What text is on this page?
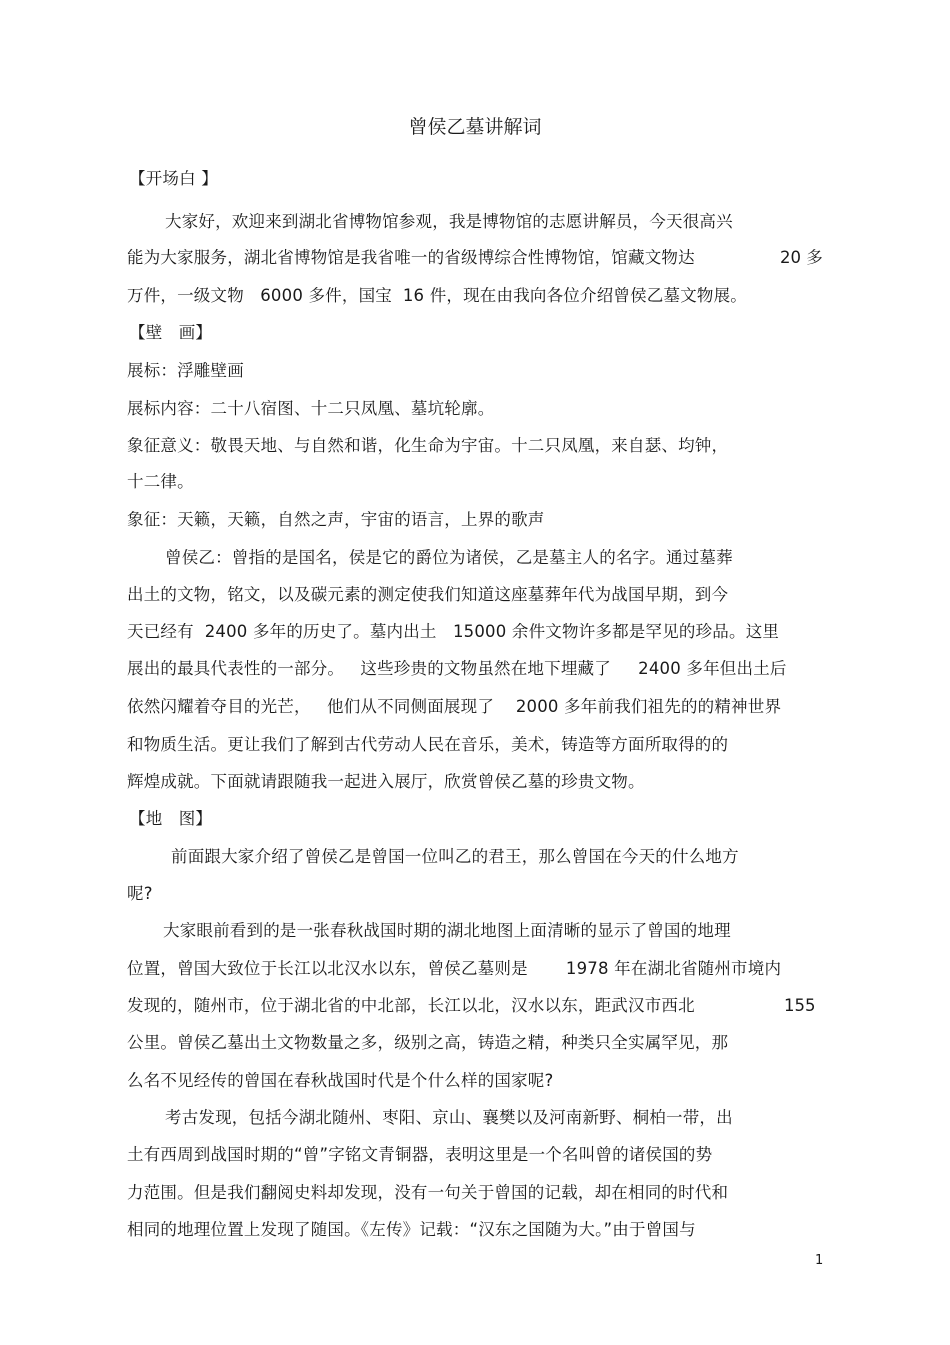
曾侯乙墓讲解词
【开场白 】
大家好，欢迎来到湖北省博物馆参观，我是博物馆的志愿讲解员，今天很高兴
能为大家服务，湖北省博物馆是我省唯一的省级博综合性博物馆，馆藏文物达	20 多
万件，一级文物   6000 多件，国宝  16 件，现在由我向各位介绍曾侯乙墓文物展。
【壁   画】
展标：浮雕壁画
展标内容：二十八宿图、十二只凤凰、墓坑轮廓。
象征意义：敬畏天地、与自然和谐，化生命为宇宙。十二只凤凰，来自瑟、均钟，
十二律。
象征：天籁，天籁，自然之声，宇宙的语言，上界的歌声
曾侯乙：曾指的是国名，侯是它的爵位为诸侯，乙是墓主人的名字。通过墓葬
出土的文物，铭文，以及碳元素的测定使我们知道这座墓葬年代为战国早期，到今
天已经有  2400 多年的历史了。墓内出土   15000 余件文物许多都是罕见的珍品。这里
展出的最具代表性的一部分。   这些珍贵的文物虽然在地下埋藏了     2400 多年但出土后
依然闪耀着夺目的光芒，   他们从不同侧面展现了    2000 多年前我们祖先的的精神世界
和物质生活。更让我们了解到古代劳动人民在音乐，美术，铸造等方面所取得的的
辉煌成就。下面就请跟随我一起进入展厅，欣赏曾侯乙墓的珍贵文物。
【地   图】
前面跟大家介绍了曾侯乙是曾国一位叫乙的君王，那么曾国在今天的什么地方
呢?
大家眼前看到的是一张春秋战国时期的湖北地图上面清晰的显示了曾国的地理
位置，曾国大致位于长江以北汉水以东，曾侯乙墓则是       1978 年在湖北省随州市境内
发现的，随州市，位于湖北省的中北部，长江以北，汉水以东，距武汉市西北	155
公里。曾侯乙墓出土文物数量之多，级别之高，铸造之精，种类只全实属罕见，那
么名不见经传的曾国在春秋战国时代是个什么样的国家呢?
考古发现，包括今湖北随州、枣阳、京山、襄樊以及河南新野、桐柏一带，出
土有西周到战国时期的“曾”字铭文青铜器，表明这里是一个名叫曾的诸侯国的势
力范围。但是我们翻阅史料却发现，没有一句关于曾国的记载，却在相同的时代和
相同的地理位置上发现了随国。《左传》记载：“汉东之国随为大。”由于曾国与
1
